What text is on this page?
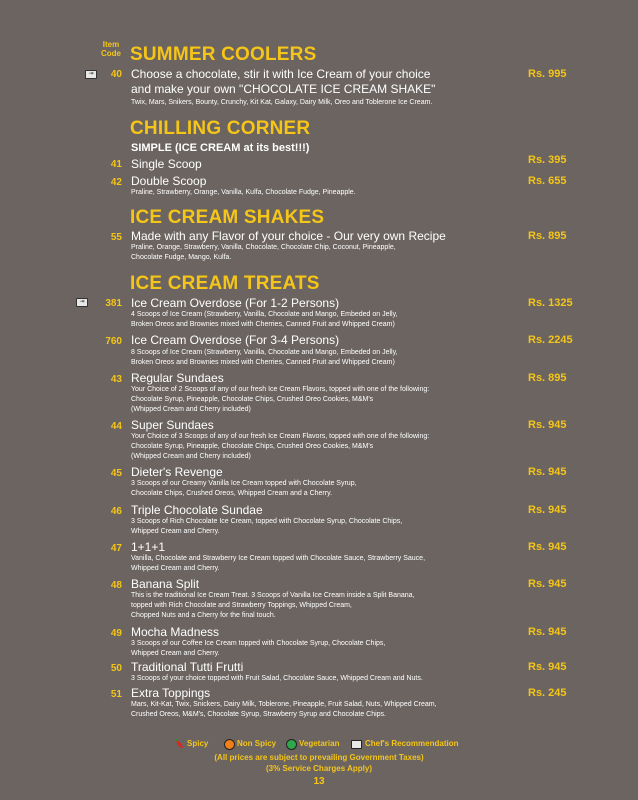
Item
Code SUMMER COOLERS
⇥	40 Choose a chocolate, stir it with Ice Cream of your choice
and make your own "CHOCOLATE ICE CREAM SHAKE"
Twix, Mars, Snikers, Bounty, Crunchy, Kit Kat, Galaxy, Dairy Milk, Oreo and Toblerone Ice Cream.
Rs. 995
CHILLING CORNER
SIMPLE (ICE CREAM at its best!!!)
41 Single Scoop	Rs. 395
42 Double Scoop
Praline, Strawberry, Orange, Vanilla, Kulfa, Chocolate Fudge, Pineapple.
Rs. 655
ICE CREAM SHAKES
55 Made with any Flavor of your choice - Our very own Recipe
Praline, Orange, Strawberry, Vanilla, Chocolate, Chocolate Chip, Coconut, Pineapple,
Chocolate Fudge, Mango, Kulfa.
Rs. 895
ICE CREAM TREATS
⇥	381 Ice Cream Overdose (For 1-2 Persons)
4 Scoops of Ice Cream (Strawberry, Vanilla, Chocolate and Mango, Embeded on Jelly,
Broken Oreos and Brownies mixed with Cherries, Canned Fruit and Whipped Cream)
Rs. 1325
760 Ice Cream Overdose (For 3-4 Persons)
8 Scoops of Ice Cream (Strawberry, Vanilla, Chocolate and Mango, Embeded on Jelly,
Broken Oreos and Brownies mixed with Cherries, Canned Fruit and Whipped Cream)
Rs. 2245
43 Regular Sundaes
Your Choice of 2 Scoops of any of our fresh Ice Cream Flavors, topped with one of the following:
Chocolate Syrup, Pineapple, Chocolate Chips, Crushed Oreo Cookies, M&M's
(Whipped Cream and Cherry included)
Rs. 895
44 Super Sundaes
Your Choice of 3 Scoops of any of our fresh Ice Cream Flavors, topped with one of the following:
Chocolate Syrup, Pineapple, Chocolate Chips, Crushed Oreo Cookies, M&M's
(Whipped Cream and Cherry included)
Rs. 945
45 Dieter's Revenge
3 Scoops of our Creamy Vanilla Ice Cream topped with Chocolate Syrup,
Chocolate Chips, Crushed Oreos, Whipped Cream and a Cherry.
Rs. 945
46 Triple Chocolate Sundae
3 Scoops of Rich Chocolate Ice Cream, topped with Chocolate Syrup, Chocolate Chips,
Whipped Cream and Cherry.
Rs. 945
47 1+1+1
Vanilla, Chocolate and Strawberry Ice Cream topped with Chocolate Sauce, Strawberry Sauce,
Whipped Cream and Cherry.
Rs. 945
48 Banana Split
This is the traditional Ice Cream Treat. 3 Scoops of Vanilla Ice Cream inside a Split Banana,
topped with Rich Chocolate and Strawberry Toppings, Whipped Cream,
Chopped Nuts and a Cherry for the final touch.
Rs. 945
49 Mocha Madness
3 Scoops of our Coffee Ice Cream topped with Chocolate Syrup, Chocolate Chips,
Whipped Cream and Cherry.
Rs. 945
50 Traditional Tutti Frutti
3 Scoops of your choice topped with Fruit Salad, Chocolate Sauce, Whipped Cream and Nuts.
Rs. 945
51 Extra Toppings
Mars, Kit-Kat, Twix, Snickers, Dairy Milk, Toblerone, Pineapple, Fruit Salad, Nuts, Whipped Cream,
Crushed Oreos, M&M's, Chocolate Syrup, Strawberry Syrup and Chocolate Chips.
Rs. 245
Spicy	Non Spicy	Vegetarian	Chef's Recommendation
(All prices are subject to prevailing Government Taxes)
(3% Service Charges Apply)
13
